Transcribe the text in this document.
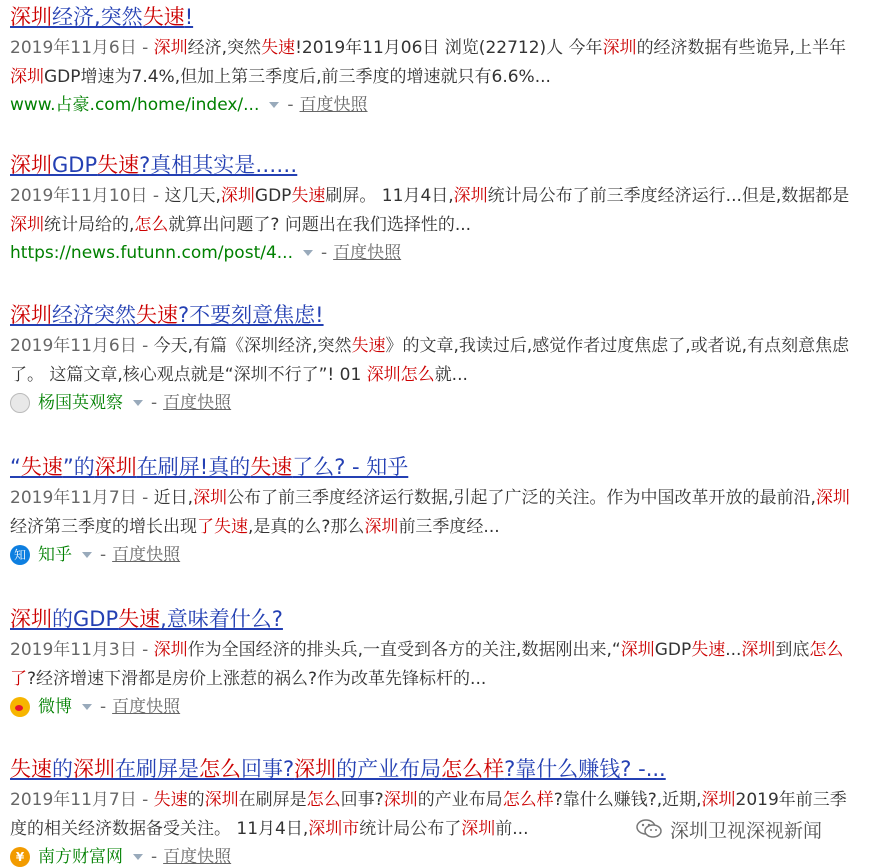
深圳经济,突然失速!
2019年11月6日 - 深圳经济,突然失速!2019年11月06日 浏览(22712)人 今年深圳的经济数据有些诡异,上半年深圳GDP增速为7.4%,但加上第三季度后,前三季度的增速就只有6.6%...
www.占豪.com/home/index/... - 百度快照
深圳GDP失速?真相其实是……
2019年11月10日 - 这几天,深圳GDP失速刷屏。 11月4日,深圳统计局公布了前三季度经济运行...但是,数据都是深圳统计局给的,怎么就算出问题了? 问题出在我们选择性的...
https://news.futunn.com/post/4... - 百度快照
深圳经济突然失速?不要刻意焦虑!
2019年11月6日 - 今天,有篇《深圳经济,突然失速》的文章,我读过后,感觉作者过度焦虑了,或者说,有点刻意焦虑了。 这篇文章,核心观点就是“深圳不行了”! 01 深圳怎么就...
杨国英观察 - 百度快照
“失速”的深圳在刷屏!真的失速了么? - 知乎
2019年11月7日 - 近日,深圳公布了前三季度经济运行数据,引起了广泛的关注。作为中国改革开放的最前沿,深圳经济第三季度的增长出现了失速,是真的么?那么深圳前三季度经...
知 知乎 - 百度快照
深圳的GDP失速,意味着什么?
2019年11月3日 - 深圳作为全国经济的排头兵,一直受到各方的关注,数据刚出来,“深圳GDP失速...深圳到底怎么了?经济增速下滑都是房价上涨惹的祸么?作为改革先锋标杆的...
微博 - 百度快照
失速的深圳在刷屏是怎么回事?深圳的产业布局怎么样?靠什么赚钱? -...
2019年11月7日 - 失速的深圳在刷屏是怎么回事?深圳的产业布局怎么样?靠什么赚钱?,近期,深圳2019年前三季度的相关经济数据备受关注。 11月4日,深圳市统计局公布了深圳前...
¥ 南方财富网 - 百度快照
深圳卫视深视新闻
